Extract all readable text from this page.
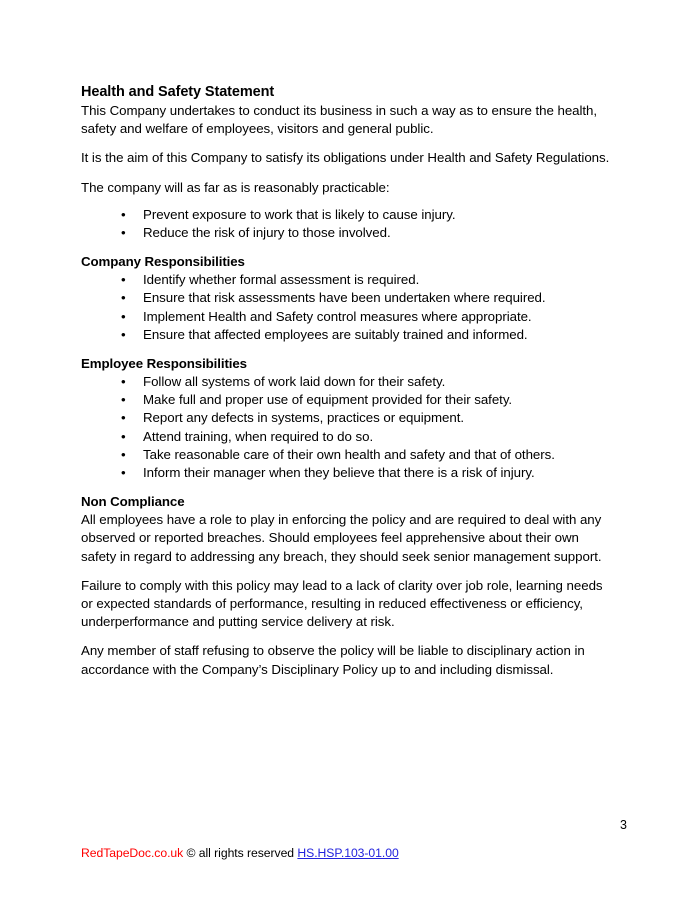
Health and Safety Statement

This Company undertakes to conduct its business in such a way as to ensure the health, safety and welfare of employees, visitors and general public.

It is the aim of this Company to satisfy its obligations under Health and Safety Regulations.

The company will as far as is reasonably practicable:

• Prevent exposure to work that is likely to cause injury.
• Reduce the risk of injury to those involved.
Company Responsibilities
• Identify whether formal assessment is required.
• Ensure that risk assessments have been undertaken where required.
• Implement Health and Safety control measures where appropriate.
• Ensure that affected employees are suitably trained and informed.
Employee Responsibilities
• Follow all systems of work laid down for their safety.
• Make full and proper use of equipment provided for their safety.
• Report any defects in systems, practices or equipment.
• Attend training, when required to do so.
• Take reasonable care of their own health and safety and that of others.
• Inform their manager when they believe that there is a risk of injury.
Non Compliance

All employees have a role to play in enforcing the policy and are required to deal with any observed or reported breaches. Should employees feel apprehensive about their own safety in regard to addressing any breach, they should seek senior management support.

Failure to comply with this policy may lead to a lack of clarity over job role, learning needs or expected standards of performance, resulting in reduced effectiveness or efficiency, underperformance and putting service delivery at risk.

Any member of staff refusing to observe the policy will be liable to disciplinary action in accordance with the Company’s Disciplinary Policy up to and including dismissal.

3
RedTapeDoc.co.uk © all rights reserved HS.HSP.103-01.00
